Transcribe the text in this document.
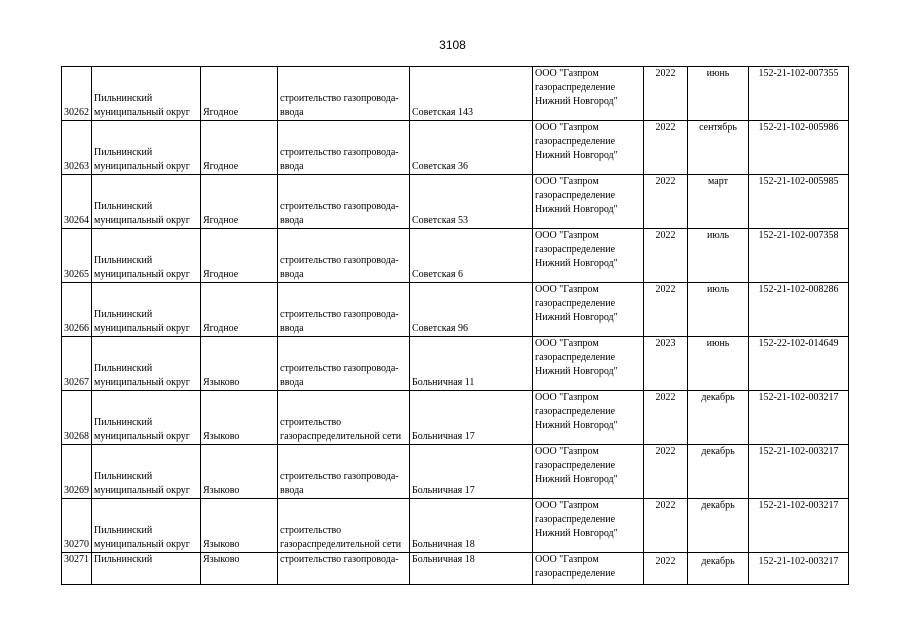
3108
30262	Пильнинский
муниципальный округ	Ягодное	строительство газопровода-
ввода	Советская 143	ООО "Газпром
газораспределение
Нижний Новгород"	2022	июнь	152-21-102-007355
30263	Пильнинский
муниципальный округ	Ягодное	строительство газопровода-
ввода	Советская 36	ООО "Газпром
газораспределение
Нижний Новгород"	2022	сентябрь	152-21-102-005986
30264	Пильнинский
муниципальный округ	Ягодное	строительство газопровода-
ввода	Советская 53	ООО "Газпром
газораспределение
Нижний Новгород"	2022	март	152-21-102-005985
30265	Пильнинский
муниципальный округ	Ягодное	строительство газопровода-
ввода	Советская 6	ООО "Газпром
газораспределение
Нижний Новгород"	2022	июль	152-21-102-007358
30266	Пильнинский
муниципальный округ	Ягодное	строительство газопровода-
ввода	Советская 96	ООО "Газпром
газораспределение
Нижний Новгород"	2022	июль	152-21-102-008286
30267	Пильнинский
муниципальный округ	Языково	строительство газопровода-
ввода	Больничная 11	ООО "Газпром
газораспределение
Нижний Новгород"	2023	июнь	152-22-102-014649
30268	Пильнинский
муниципальный округ	Языково	строительство
газораспределительной сети	Больничная 17	ООО "Газпром
газораспределение
Нижний Новгород"	2022	декабрь	152-21-102-003217
30269	Пильнинский
муниципальный округ	Языково	строительство газопровода-
ввода	Больничная 17	ООО "Газпром
газораспределение
Нижний Новгород"	2022	декабрь	152-21-102-003217
30270	Пильнинский
муниципальный округ	Языково	строительство
газораспределительной сети	Больничная 18	ООО "Газпром
газораспределение
Нижний Новгород"	2022	декабрь	152-21-102-003217
30271	Пильнинский	Языково	строительство газопровода-	Больничная 18	ООО "Газпром
газораспределение	2022	декабрь	152-21-102-003217
